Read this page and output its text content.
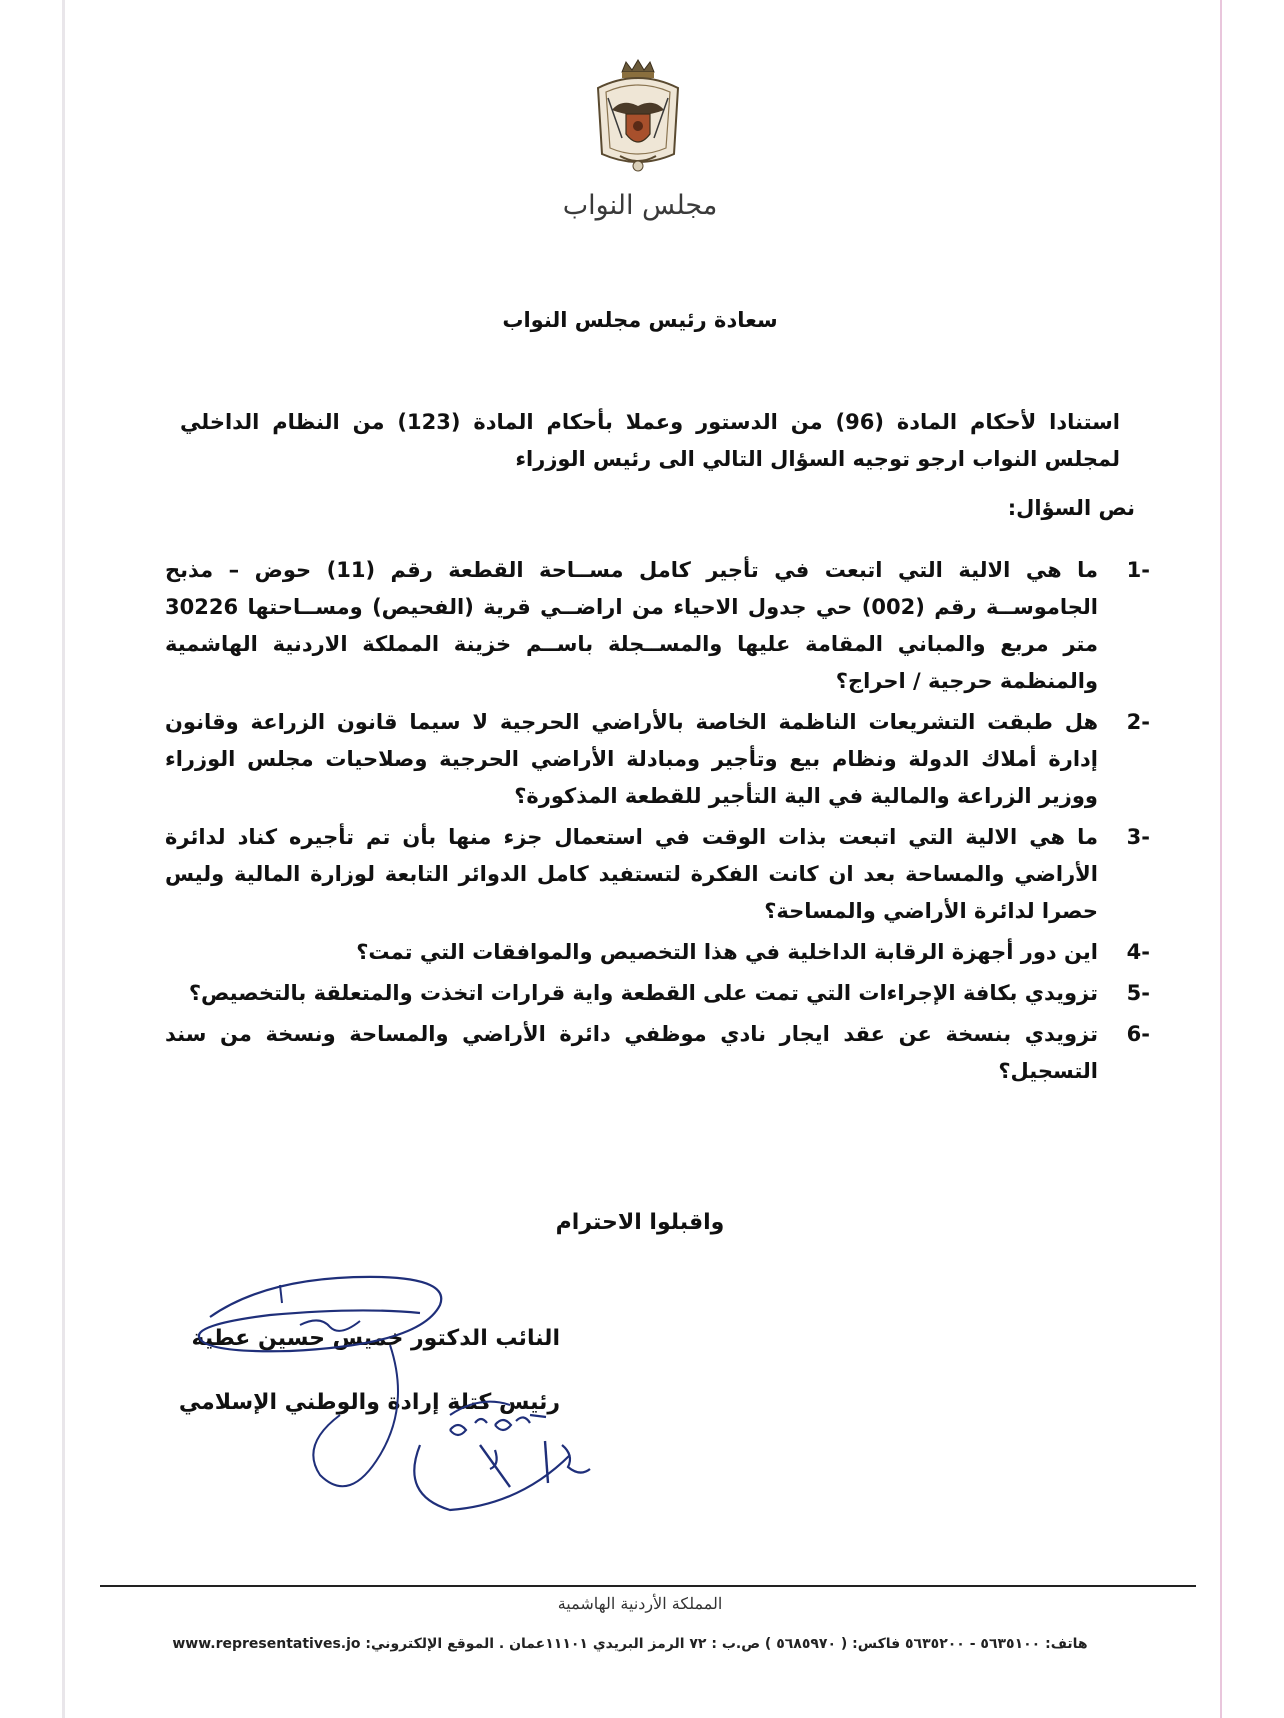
مجلس النواب
سعادة رئيس مجلس النواب
استنادا لأحكام المادة (96) من الدستور وعملا بأحكام المادة (123) من النظام الداخلي لمجلس النواب ارجو توجيه السؤال التالي الى رئيس الوزراء
نص السؤال:
-1
ما هي الالية التي اتبعت في تأجير كامل مســاحة القطعة رقم (11) حوض – مذبح الجاموســة رقم (002) حي جدول الاحياء من اراضــي قرية (الفحيص) ومســاحتها 30226 متر مربع والمباني المقامة عليها والمســجلة باســم خزينة المملكة الاردنية الهاشمية والمنظمة حرجية / احراج؟
-2
هل طبقت التشريعات الناظمة الخاصة بالأراضي الحرجية لا سيما قانون الزراعة وقانون إدارة أملاك الدولة ونظام بيع وتأجير ومبادلة الأراضي الحرجية وصلاحيات مجلس الوزراء ووزير الزراعة والمالية في الية التأجير للقطعة المذكورة؟
-3
ما هي الالية التي اتبعت بذات الوقت في استعمال جزء منها بأن تم تأجيره كناد لدائرة الأراضي والمساحة بعد ان كانت الفكرة لتستفيد كامل الدوائر التابعة لوزارة المالية وليس حصرا لدائرة الأراضي والمساحة؟
-4
اين دور أجهزة الرقابة الداخلية في هذا التخصيص والموافقات التي تمت؟
-5
تزويدي بكافة الإجراءات التي تمت على القطعة واية قرارات اتخذت والمتعلقة بالتخصيص؟
-6
تزويدي بنسخة عن عقد ايجار نادي موظفي دائرة الأراضي والمساحة ونسخة من سند التسجيل؟
واقبلوا الاحترام
النائب الدكتور خميس حسين عطية
رئيس كتلة إرادة والوطني الإسلامي
المملكة الأردنية الهاشمية
هاتف: ٥٦٣٥١٠٠ - ٥٦٣٥٢٠٠ فاكس: ( ٥٦٨٥٩٧٠ ) ص.ب : ٧٢ الرمز البريدي ١١١٠١عمان . الموقع الإلكتروني: www.representatives.jo
